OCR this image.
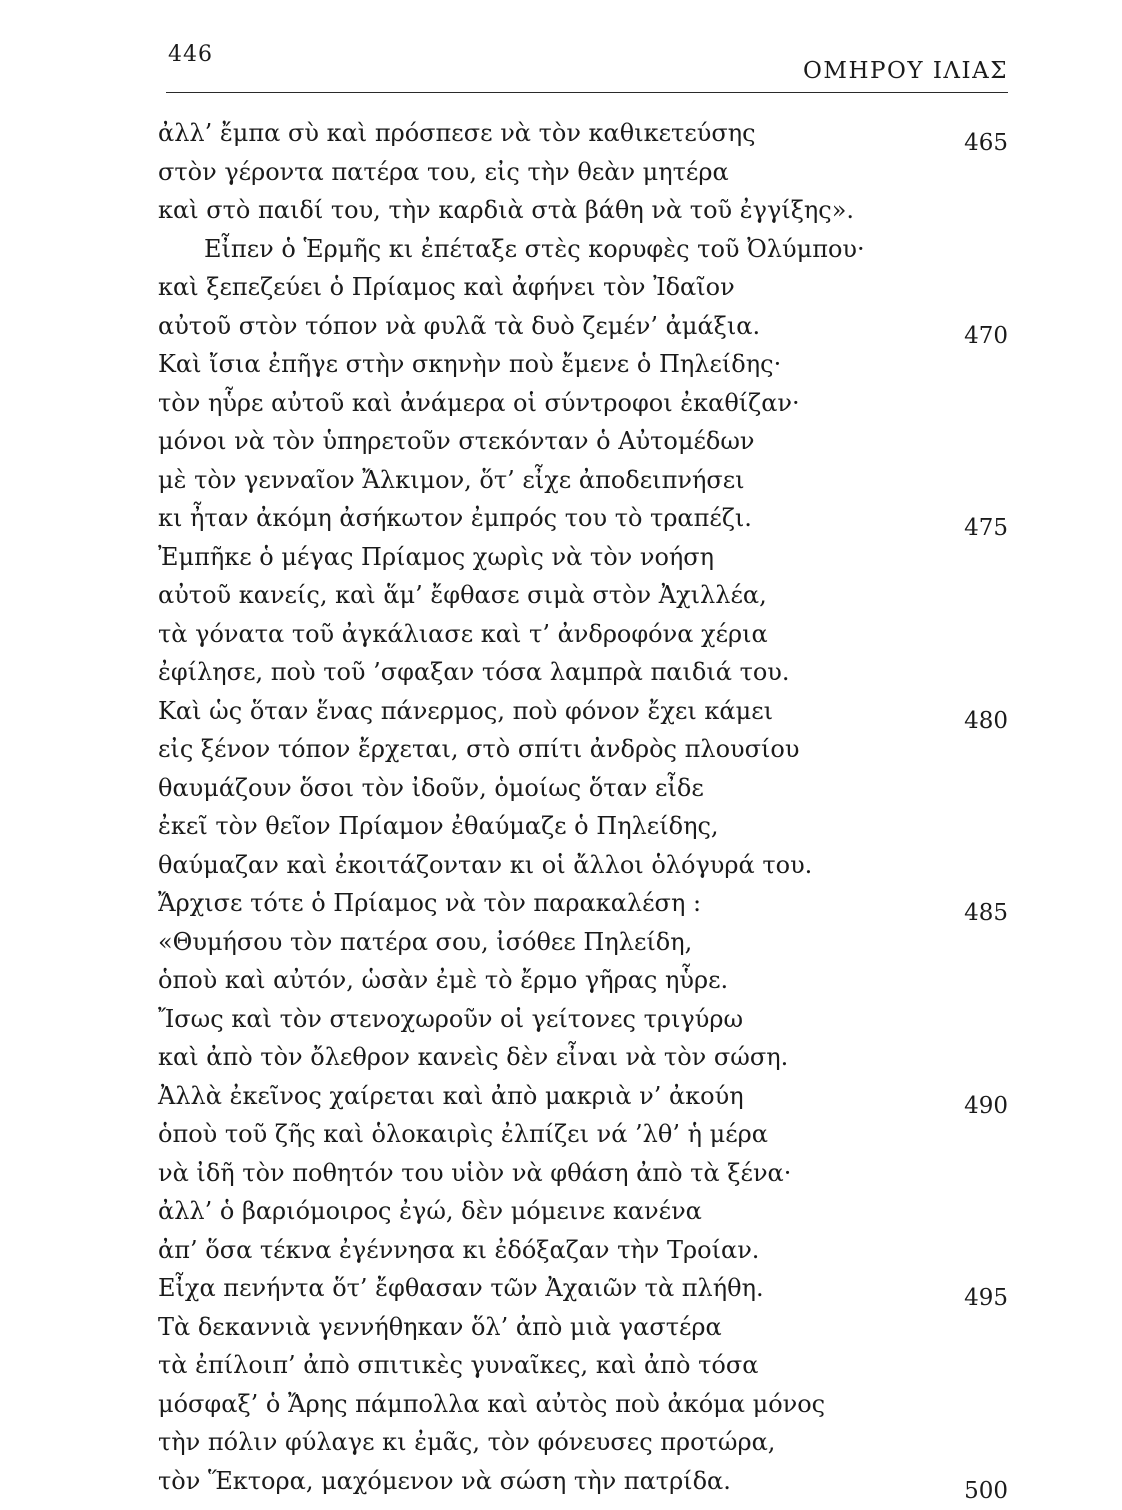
446
ΟΜΗΡΟΥ ΙΛΙΑΣ
ἀλλ’ ἔμπα σὺ καὶ πρόσπεσε νὰ τὸν καθικετεύσης	465
στὸν γέροντα πατέρα του, εἰς τὴν θεὰν μητέρα
καὶ στὸ παιδί του, τὴν καρδιὰ στὰ βάθη νὰ τοῦ ἐγγίξης».
Εἶπεν ὁ Ἑρμῆς κι ἐπέταξε στὲς κορυφὲς τοῦ Ὀλύμπου·
καὶ ξεπεζεύει ὁ Πρίαμος καὶ ἀφήνει τὸν Ἰδαῖον
αὐτοῦ στὸν τόπον νὰ φυλᾶ τὰ δυὸ ζεμέν’ ἀμάξια.	470
Καὶ ἴσια ἐπῆγε στὴν σκηνὴν ποὺ ἔμενε ὁ Πηλείδης·
τὸν ηὗρε αὐτοῦ καὶ ἀνάμερα οἱ σύντροφοι ἐκαθίζαν·
μόνοι νὰ τὸν ὑπηρετοῦν στεκόνταν ὁ Αὐτομέδων
μὲ τὸν γενναῖον Ἄλκιμον, ὅτ’ εἶχε ἀποδειπνήσει
κι ἦταν ἀκόμη ἀσήκωτον ἐμπρός του τὸ τραπέζι.	475
Ἐμπῆκε ὁ μέγας Πρίαμος χωρὶς νὰ τὸν νοήση
αὐτοῦ κανείς, καὶ ἅμ’ ἔφθασε σιμὰ στὸν Ἀχιλλέα,
τὰ γόνατα τοῦ ἀγκάλιασε καὶ τ’ ἀνδροφόνα χέρια
ἐφίλησε, ποὺ τοῦ ’σφαξαν τόσα λαμπρὰ παιδιά του.
Καὶ ὡς ὅταν ἕνας πάνερμος, ποὺ φόνον ἔχει κάμει	480
εἰς ξένον τόπον ἔρχεται, στὸ σπίτι ἀνδρὸς πλουσίου
θαυμάζουν ὅσοι τὸν ἰδοῦν, ὁμοίως ὅταν εἶδε
ἐκεῖ τὸν θεῖον Πρίαμον ἐθαύμαζε ὁ Πηλείδης,
θαύμαζαν καὶ ἐκοιτάζονταν κι οἱ ἄλλοι ὁλόγυρά του.
Ἄρχισε τότε ὁ Πρίαμος νὰ τὸν παρακαλέση :	485
«Θυμήσου τὸν πατέρα σου, ἰσόθεε Πηλείδη,
ὁποὺ καὶ αὐτόν, ὡσὰν ἐμὲ τὸ ἔρμο γῆρας ηὗρε.
Ἴσως καὶ τὸν στενοχωροῦν οἱ γείτονες τριγύρω
καὶ ἀπὸ τὸν ὄλεθρον κανεὶς δὲν εἶναι νὰ τὸν σώση.
Ἀλλὰ ἐκεῖνος χαίρεται καὶ ἀπὸ μακριὰ ν’ ἀκούη	490
ὁποὺ τοῦ ζῆς καὶ ὁλοκαιρὶς ἐλπίζει νά ’λθ’ ἡ μέρα
νὰ ἰδῆ τὸν ποθητόν του υἱὸν νὰ φθάση ἀπὸ τὰ ξένα·
ἀλλ’ ὁ βαριόμοιρος ἐγώ, δὲν μόμεινε κανένα
ἀπ’ ὅσα τέκνα ἐγέννησα κι ἐδόξαζαν τὴν Τροίαν.
Εἶχα πενήντα ὅτ’ ἔφθασαν τῶν Ἀχαιῶν τὰ πλήθη.	495
Τὰ δεκαννιὰ γεννήθηκαν ὅλ’ ἀπὸ μιὰ γαστέρα
τὰ ἐπίλοιπ’ ἀπὸ σπιτικὲς γυναῖκες, καὶ ἀπὸ τόσα
μόσφαξ’ ὁ Ἄρης πάμπολλα καὶ αὐτὸς ποὺ ἀκόμα μόνος
τὴν πόλιν φύλαγε κι ἐμᾶς, τὸν φόνευσες προτώρα,
τὸν Ἕκτορα, μαχόμενον νὰ σώση τὴν πατρίδα.	500
